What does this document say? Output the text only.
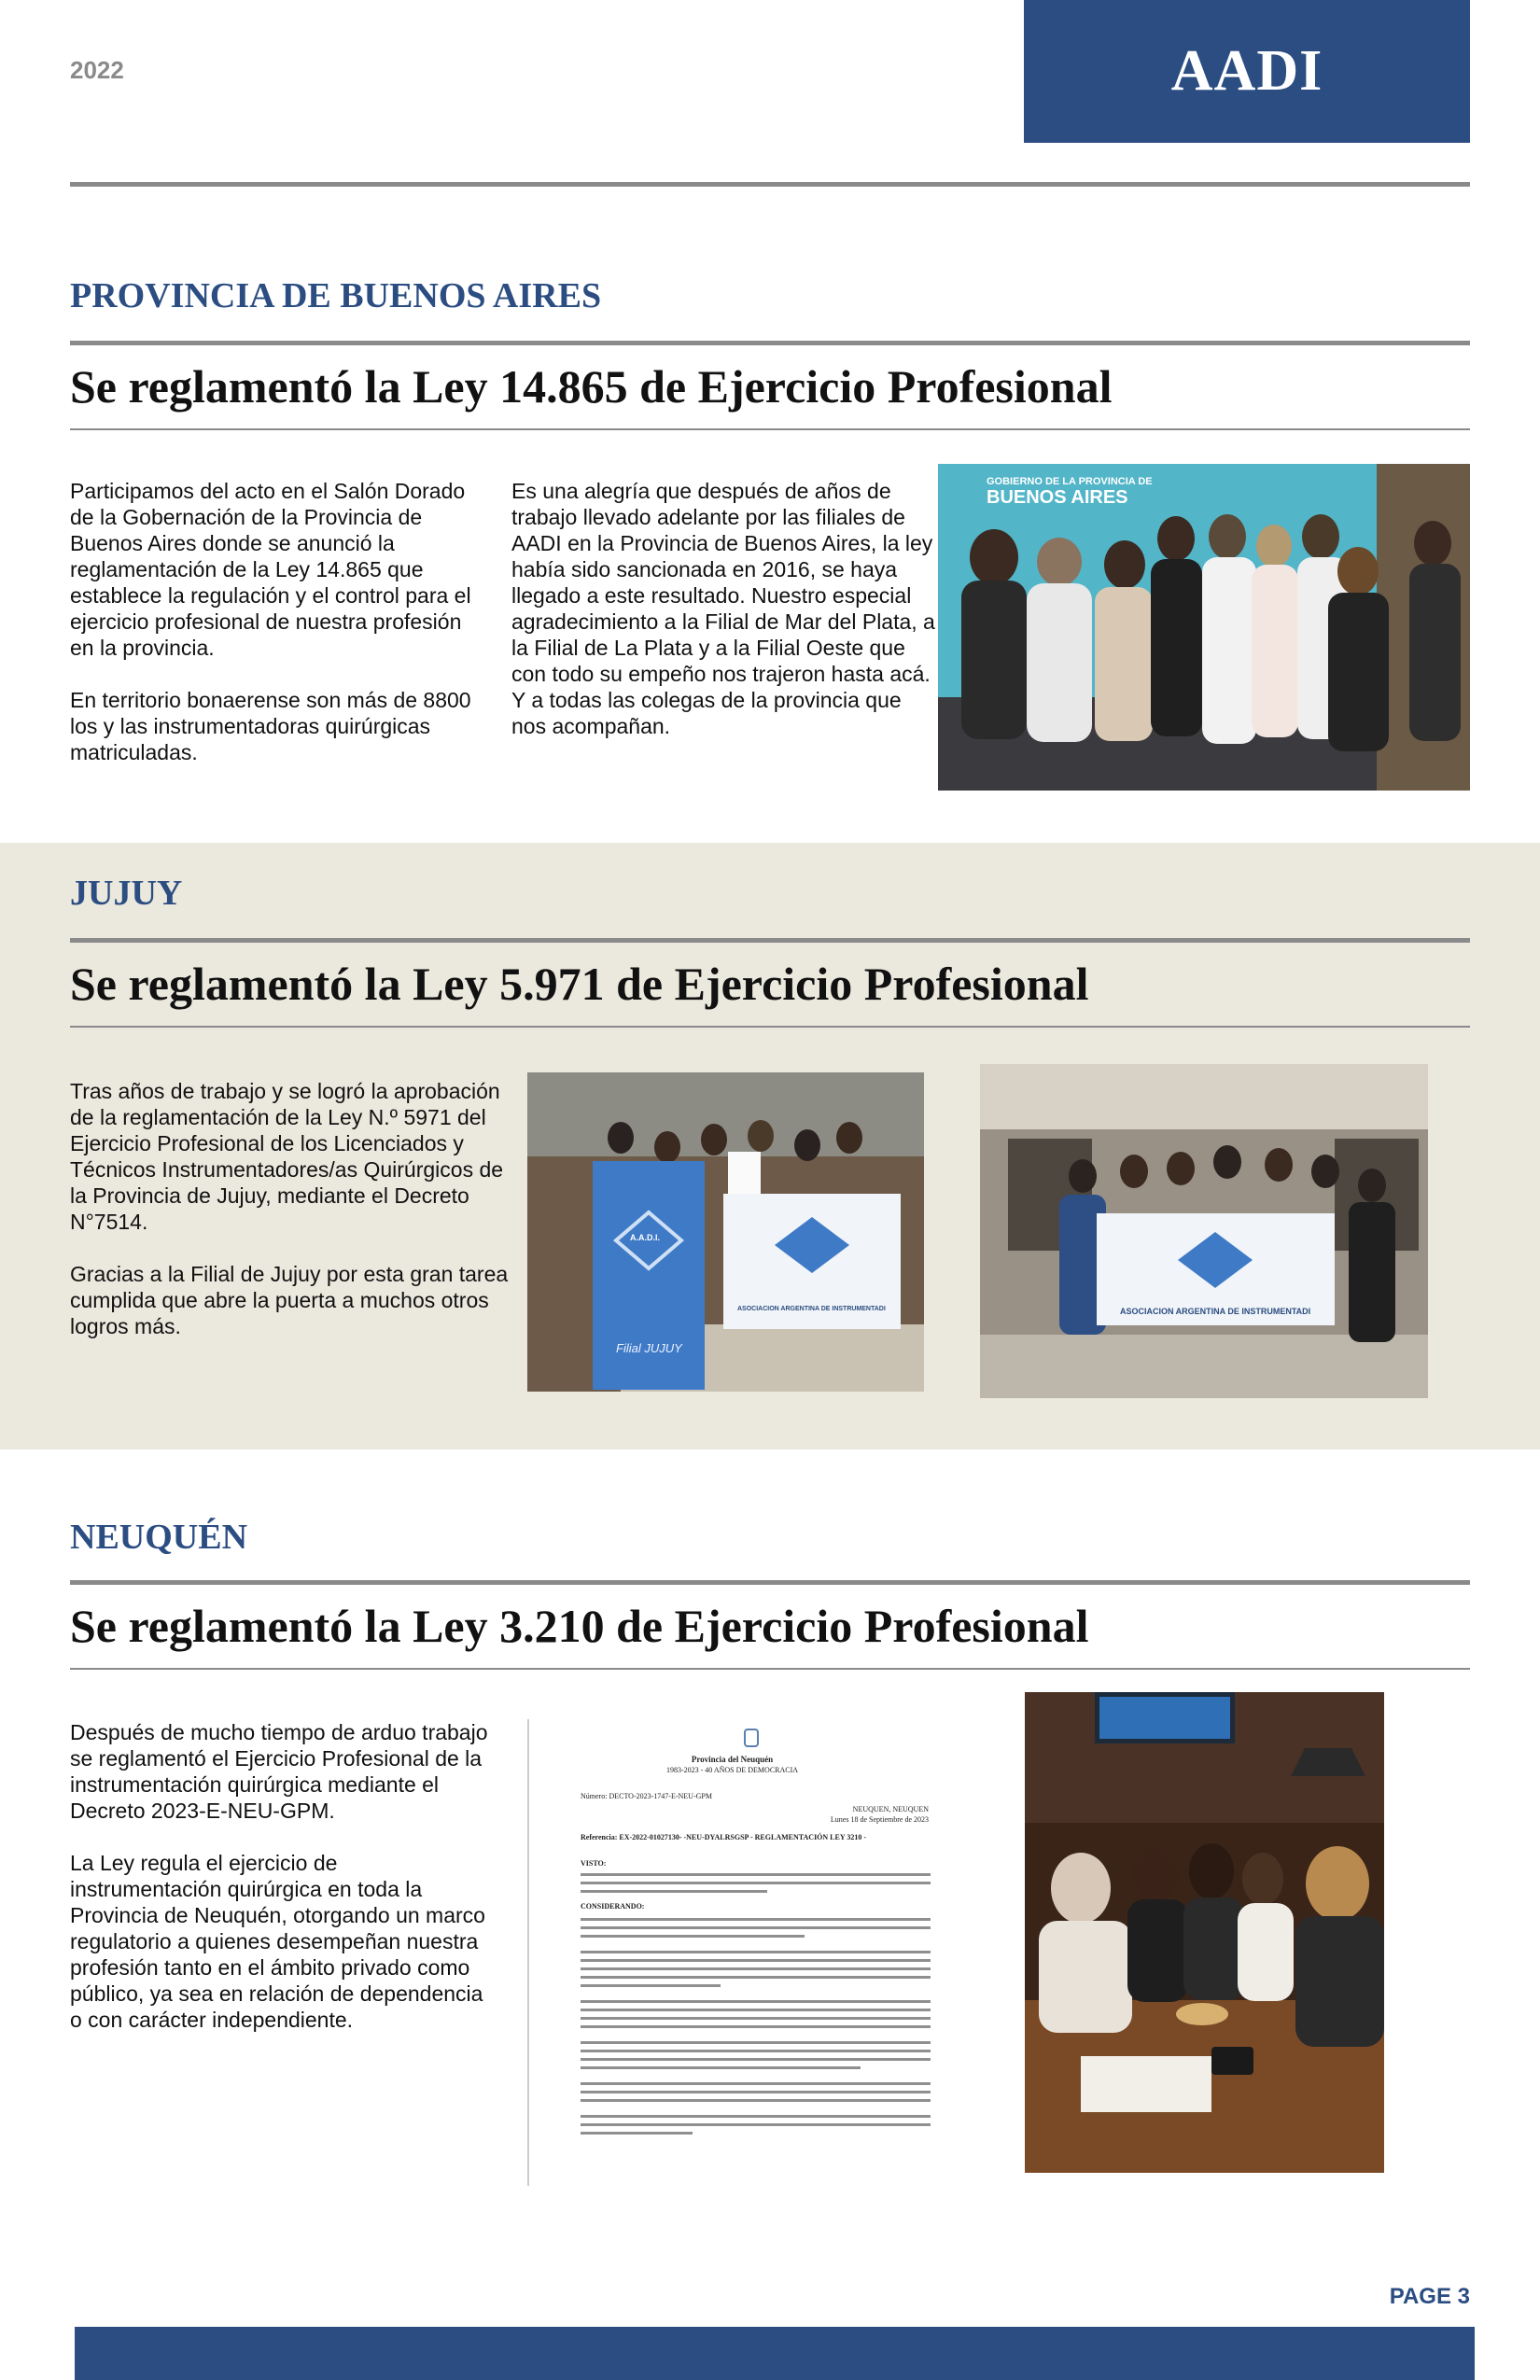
2022	AADI
PROVINCIA DE BUENOS AIRES
Se reglamentó la Ley 14.865 de Ejercicio Profesional

Participamos del acto en el Salón Dorado de la Gobernación de la Provincia de Buenos Aires donde se anunció la reglamentación de la Ley 14.865 que establece la regulación y el control para el ejercicio profesional de nuestra profesión en la provincia.

En territorio bonaerense son más de 8800 los y las instrumentadoras quirúrgicas matriculadas.

Es una alegría que después de años de trabajo llevado adelante por las filiales de AADI en la Provincia de Buenos Aires, la ley había sido sancionada en 2016, se haya llegado a este resultado. Nuestro especial agradecimiento a la Filial de Mar del Plata, a la Filial de La Plata y a la Filial Oeste que con todo su empeño nos trajeron hasta acá. Y a todas las colegas de la provincia que nos acompañan.

GOBIERNO DE LA PROVINCIA DE
BUENOS AIRES
JUJUY
Se reglamentó la Ley 5.971 de Ejercicio Profesional

Tras años de trabajo y se logró la aprobación de la reglamentación de la Ley N.º 5971 del Ejercicio Profesional de los Licenciados y Técnicos Instrumentadores/as Quirúrgicos de la Provincia de Jujuy, mediante el Decreto N°7514.

Gracias a la Filial de Jujuy por esta gran tarea cumplida que abre la puerta a muchos otros logros más.

A.A.D.I.
Filial JUJUY
ASOCIACION ARGENTINA DE INSTRUMENTADI	ASOCIACION ARGENTINA DE INSTRUMENTADI
NEUQUÉN
Se reglamentó la Ley 3.210 de Ejercicio Profesional

Después de mucho tiempo de arduo trabajo se reglamentó el Ejercicio Profesional de la instrumentación quirúrgica mediante el Decreto 2023-E-NEU-GPM.

La Ley regula el ejercicio de instrumentación quirúrgica en toda la Provincia de Neuquén, otorgando un marco regulatorio a quienes desempeñan nuestra profesión tanto en el ámbito privado como público, ya sea en relación de dependencia o con carácter independiente.

Provincia del Neuquén
1983-2023 - 40 AÑOS DE DEMOCRACIA
Número: DECTO-2023-1747-E-NEU-GPM
NEUQUEN, NEUQUEN
Lunes 18 de Septiembre de 2023
Referencia: EX-2022-01027130- -NEU-DYALRSGSP - REGLAMENTACIÓN LEY 3210 -
VISTO:
CONSIDERANDO:
PAGE 3
